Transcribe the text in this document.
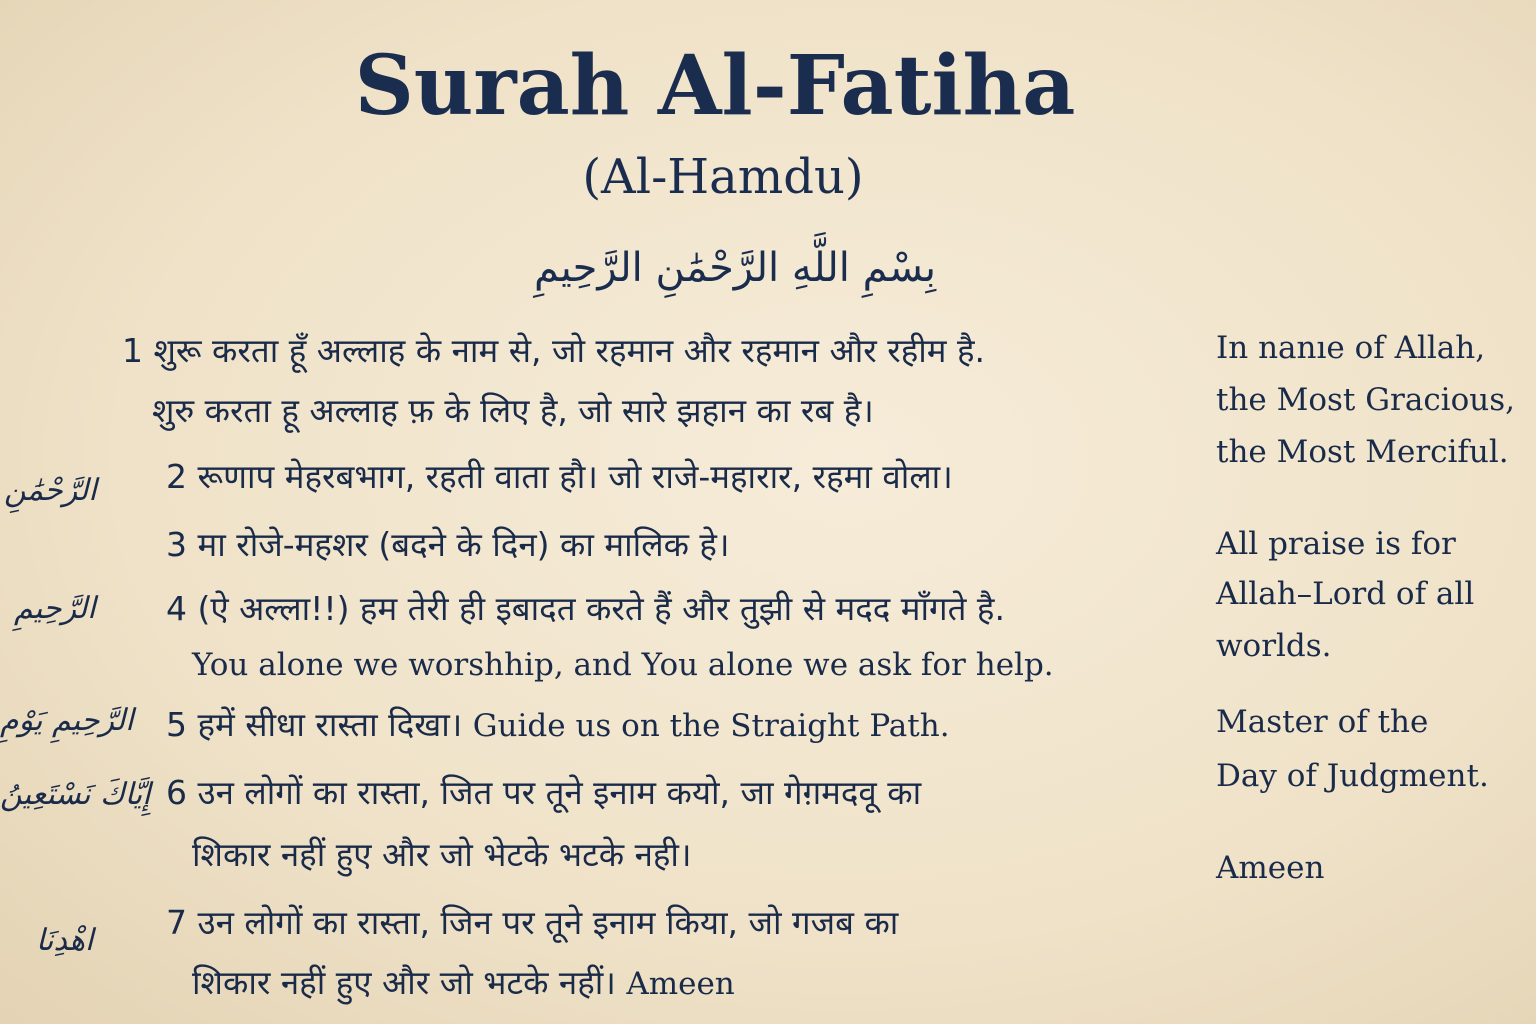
Surah Al-Fatiha
(Al-Hamdu)
بِسْمِ اللَّهِ الرَّحْمَٰنِ الرَّحِيمِ
1 शुरू करता हूँ अल्लाह के नाम से, जो रहमान और रहमान और रहीम है.
शुरु करता हू अल्लाह फ़ के लिए है, जो सारे झहान का रब है।
2 रूणाप मेहरबभाग, रहती वाता हौ। जो राजे-महारार, रहमा वोला।
3 मा रोजे-महशर (बदने के दिन) का मालिक हे।
4 (ऐ अल्ला!!) हम तेरी ही इबादत करते हैं और तुझी से मदद माँगते है.
You alone we worshhip, and You alone we ask for help.
5 हमें सीधा रास्ता दिखा। Guide us on the Straight Path.
6 उन लोगों का रास्ता, जित पर तूने इनाम कयो, जा गेग़मदवू का
शिकार नहीं हुए और जो भेटके भटके नही।
7 उन लोगों का रास्ता, जिन पर तूने इनाम किया, जो गजब का
शिकार नहीं हुए और जो भटके नहीं। Ameen
الرَّحْمَٰنِ
الرَّحِيمِ
الرَّحِيمِ يَوْمِ
إِيَّاكَ نَسْتَعِينُ
اهْدِنَا
In nanıe of Allah,
the Most Gracious,
the Most Merciful.
All praise is for
Allah–Lord of all
worlds.
Master of the
Day of Judgment.
Ameen
